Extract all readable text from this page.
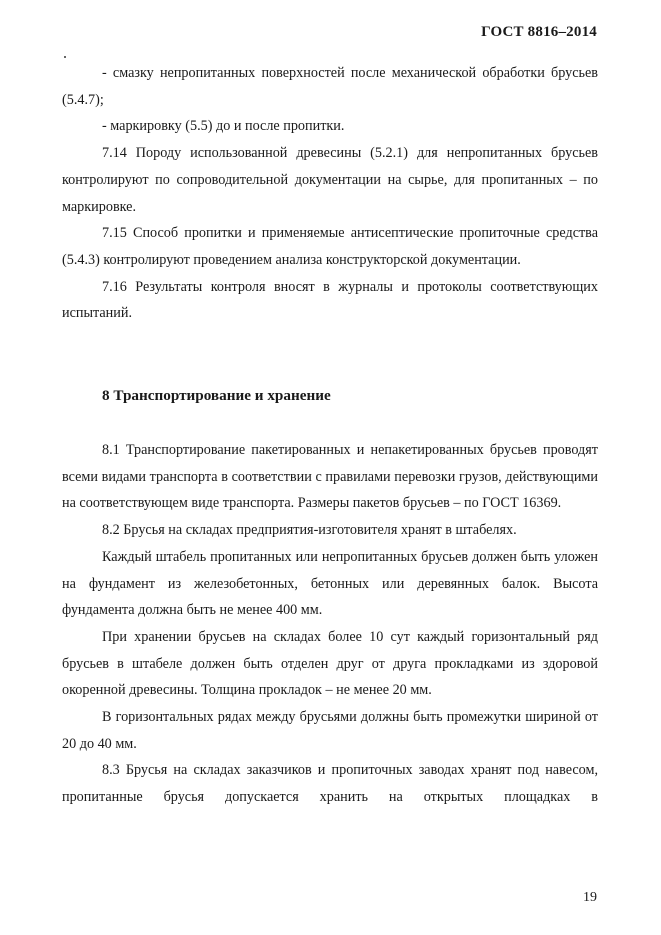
ГОСТ 8816–2014

- смазку непропитанных поверхностей после механической обработки брусьев (5.4.7);

- маркировку (5.5) до и после пропитки.

7.14 Породу использованной древесины (5.2.1) для непропитанных брусьев контролируют по сопроводительной документации на сырье, для пропитанных – по маркировке.

7.15 Способ пропитки и применяемые антисептические пропиточные средства (5.4.3) контролируют проведением анализа конструкторской документации.

7.16 Результаты контроля вносят в журналы и протоколы соответствующих испытаний.

8 Транспортирование и хранение

8.1 Транспортирование пакетированных и непакетированных брусьев проводят всеми видами транспорта в соответствии с правилами перевозки грузов, действующими на соответствующем виде транспорта. Размеры пакетов брусьев – по ГОСТ 16369.

8.2 Брусья на складах предприятия-изготовителя хранят в штабелях.

Каждый штабель пропитанных или непропитанных брусьев должен быть уложен на фундамент из железобетонных, бетонных или деревянных балок. Высота фундамента должна быть не менее 400 мм.

При хранении брусьев на складах более 10 сут каждый горизонтальный ряд брусьев в штабеле должен быть отделен друг от друга прокладками из здоровой окоренной древесины. Толщина прокладок – не менее 20 мм.

В горизонтальных рядах между брусьями должны быть промежутки шириной от 20 до 40 мм.

8.3 Брусья на складах заказчиков и пропиточных заводах хранят под навесом, пропитанные брусья допускается хранить на открытых площадках в

19
